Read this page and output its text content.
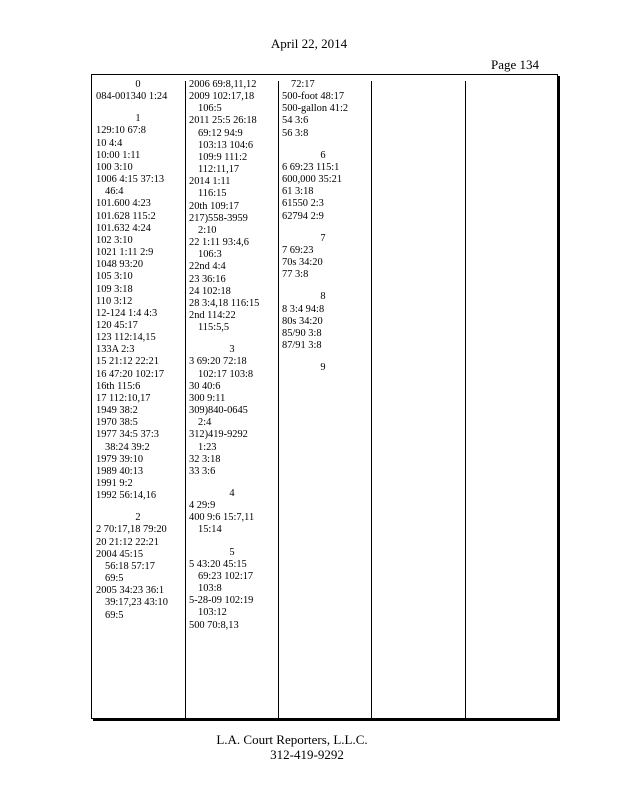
April 22, 2014
Page 134
0
084-001340 1:24
1
129:10 67:8
10 4:4
10:00 1:11
100 3:10
1006 4:15 37:13
46:4
101.600 4:23
101.628 115:2
101.632 4:24
102 3:10
1021 1:11 2:9
1048 93:20
105 3:10
109 3:18
110 3:12
12-124 1:4 4:3
120 45:17
123 112:14,15
133A 2:3
15 21:12 22:21
16 47:20 102:17
16th 115:6
17 112:10,17
1949 38:2
1970 38:5
1977 34:5 37:3
38:24 39:2
1979 39:10
1989 40:13
1991 9:2
1992 56:14,16
2
2 70:17,18 79:20
20 21:12 22:21
2004 45:15
56:18 57:17
69:5
2005 34:23 36:1
39:17,23 43:10
69:5
2006 69:8,11,12
2009 102:17,18
106:5
2011 25:5 26:18
69:12 94:9
103:13 104:6
109:9 111:2
112:11,17
2014 1:11
116:15
20th 109:17
217)558-3959
2:10
22 1:11 93:4,6
106:3
22nd 4:4
23 36:16
24 102:18
28 3:4,18 116:15
2nd 114:22
115:5,5
3
3 69:20 72:18
102:17 103:8
30 40:6
300 9:11
309)840-0645
2:4
312)419-9292
1:23
32 3:18
33 3:6
4
4 29:9
400 9:6 15:7,11
15:14
5
5 43:20 45:15
69:23 102:17
103:8
5-28-09 102:19
103:12
500 70:8,13
72:17
500-foot 48:17
500-gallon 41:2
54 3:6
56 3:8
6
6 69:23 115:1
600,000 35:21
61 3:18
61550 2:3
62794 2:9
7
7 69:23
70s 34:20
77 3:8
8
8 3:4 94:8
80s 34:20
85/90 3:8
87/91 3:8
9
L.A. Court Reporters, L.L.C.
312-419-9292
